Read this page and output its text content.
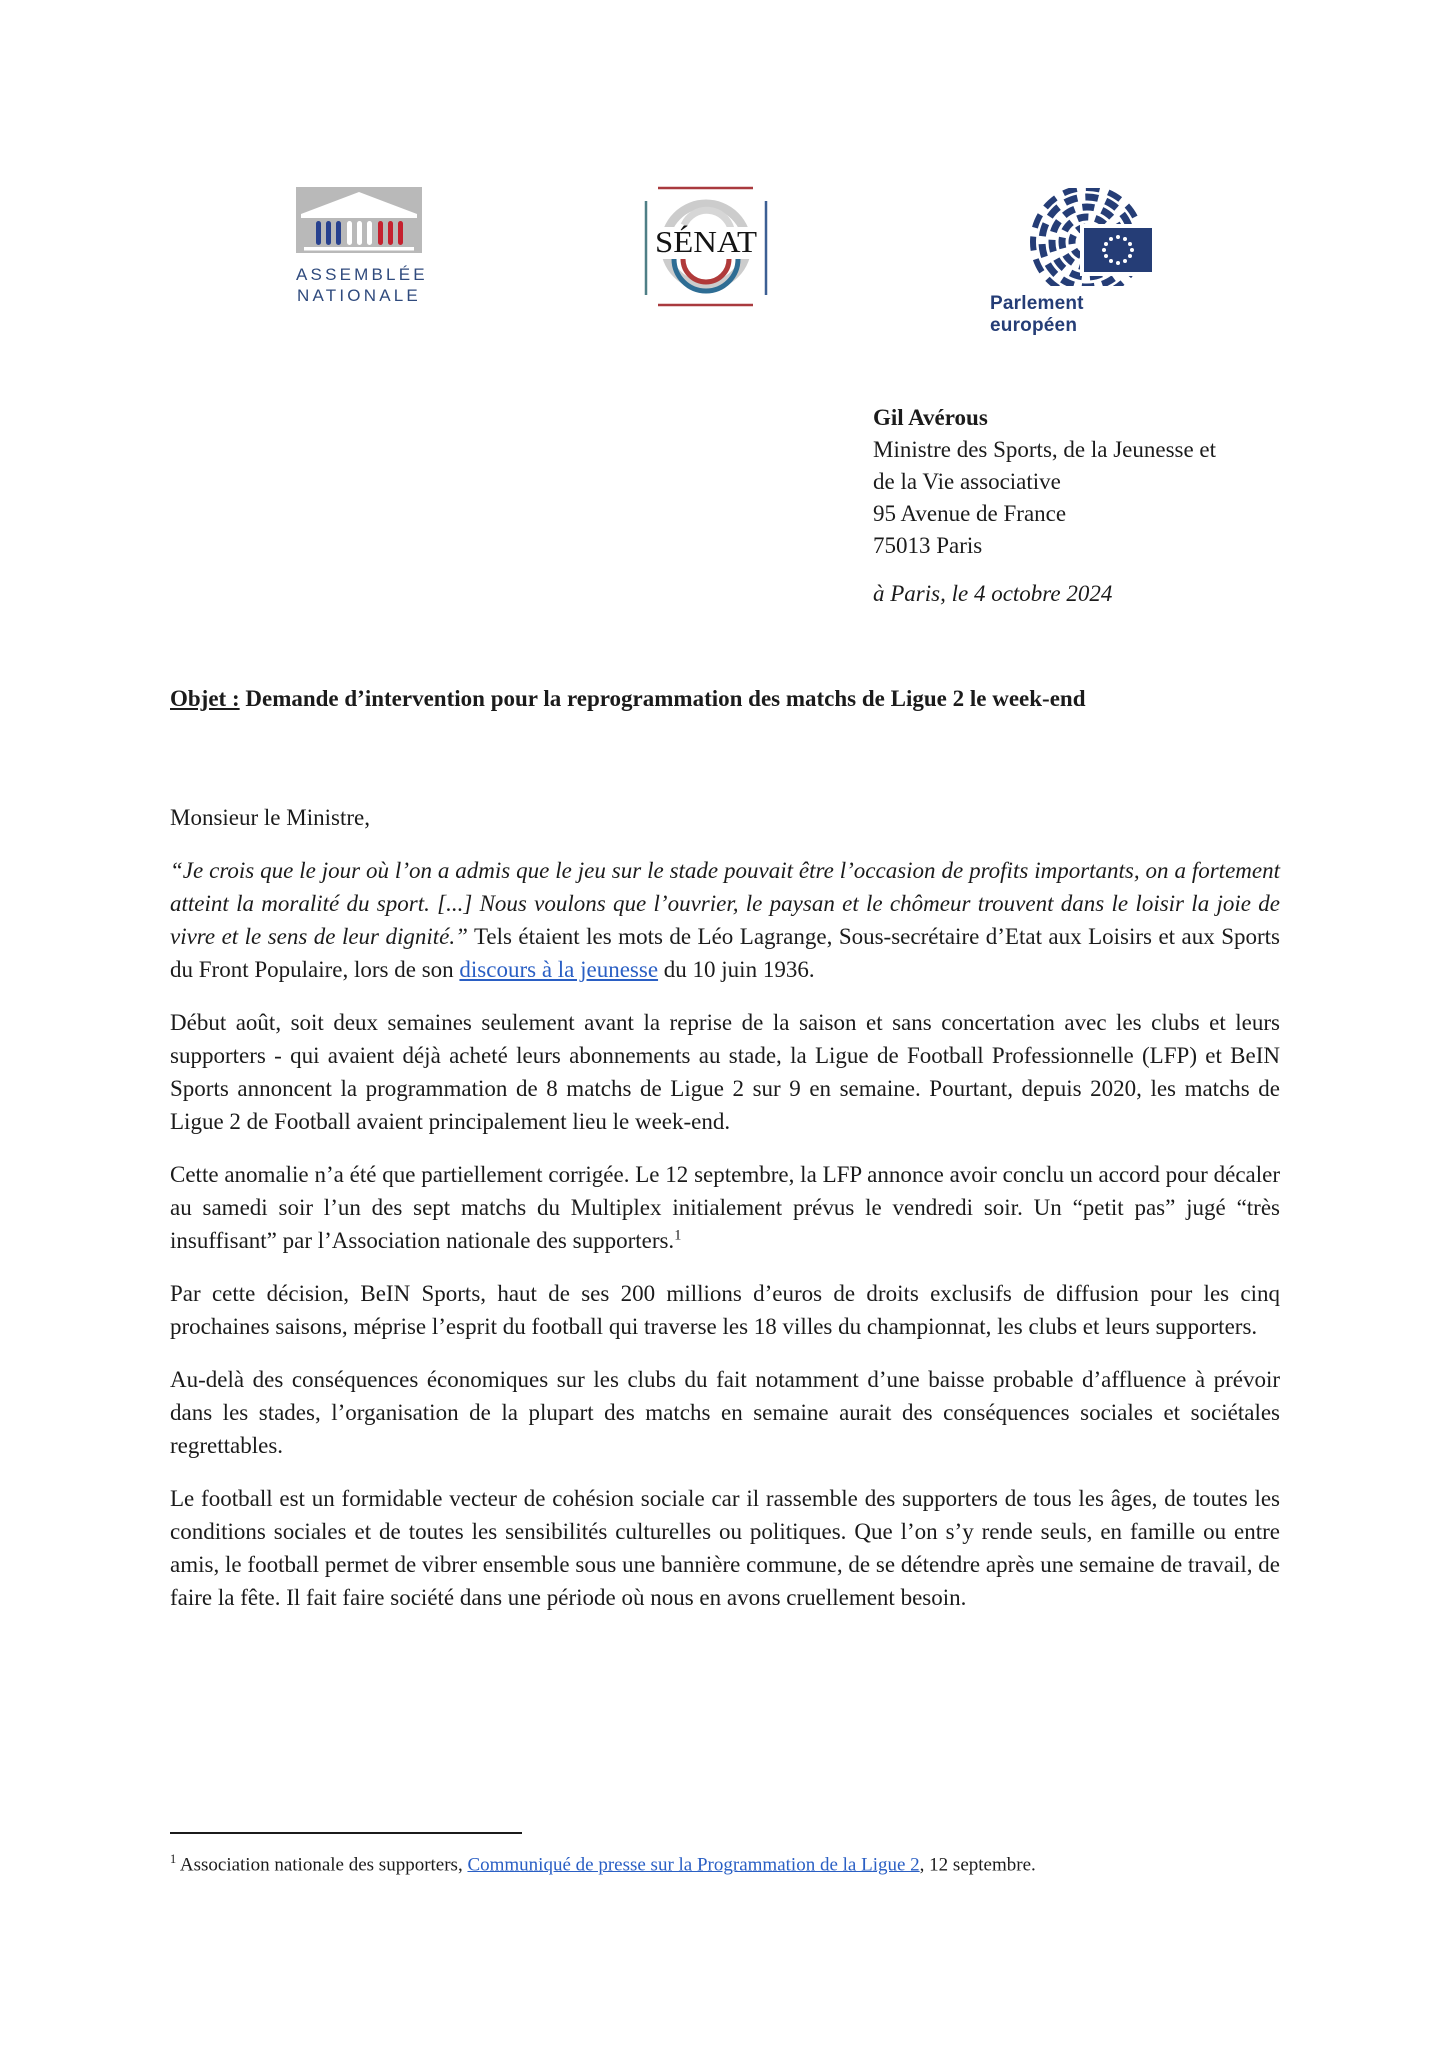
ASSEMBLÉE
NATIONALE
SÉNAT
Parlement européen
Gil Avérous
Ministre des Sports, de la Jeunesse et
de la Vie associative
95 Avenue de France
75013 Paris
à Paris, le 4 octobre 2024
Objet : Demande d’intervention pour la reprogrammation des matchs de Ligue 2 le week-end

Monsieur le Ministre,

“Je crois que le jour où l’on a admis que le jeu sur le stade pouvait être l’occasion de profits importants, on a fortement atteint la moralité du sport. [...] Nous voulons que l’ouvrier, le paysan et le chômeur trouvent dans le loisir la joie de vivre et le sens de leur dignité.” Tels étaient les mots de Léo Lagrange, Sous-secrétaire d’Etat aux Loisirs et aux Sports du Front Populaire, lors de son discours à la jeunesse du 10 juin 1936.

Début août, soit deux semaines seulement avant la reprise de la saison et sans concertation avec les clubs et leurs supporters - qui avaient déjà acheté leurs abonnements au stade, la Ligue de Football Professionnelle (LFP) et BeIN Sports annoncent la programmation de 8 matchs de Ligue 2 sur 9 en semaine. Pourtant, depuis 2020, les matchs de Ligue 2 de Football avaient principalement lieu le week-end.

Cette anomalie n’a été que partiellement corrigée. Le 12 septembre, la LFP annonce avoir conclu un accord pour décaler au samedi soir l’un des sept matchs du Multiplex initialement prévus le vendredi soir. Un “petit pas” jugé “très insuffisant” par l’Association nationale des supporters.$^1$

Par cette décision, BeIN Sports, haut de ses 200 millions d’euros de droits exclusifs de diffusion pour les cinq prochaines saisons, méprise l’esprit du football qui traverse les 18 villes du championnat, les clubs et leurs supporters.

Au-delà des conséquences économiques sur les clubs du fait notamment d’une baisse probable d’affluence à prévoir dans les stades, l’organisation de la plupart des matchs en semaine aurait des conséquences sociales et sociétales regrettables.

Le football est un formidable vecteur de cohésion sociale car il rassemble des supporters de tous les âges, de toutes les conditions sociales et de toutes les sensibilités culturelles ou politiques. Que l’on s’y rende seuls, en famille ou entre amis, le football permet de vibrer ensemble sous une bannière commune, de se détendre après une semaine de travail, de faire la fête. Il fait faire société dans une période où nous en avons cruellement besoin.

$^1$ Association nationale des supporters, Communiqué de presse sur la Programmation de la Ligue 2, 12 septembre.
